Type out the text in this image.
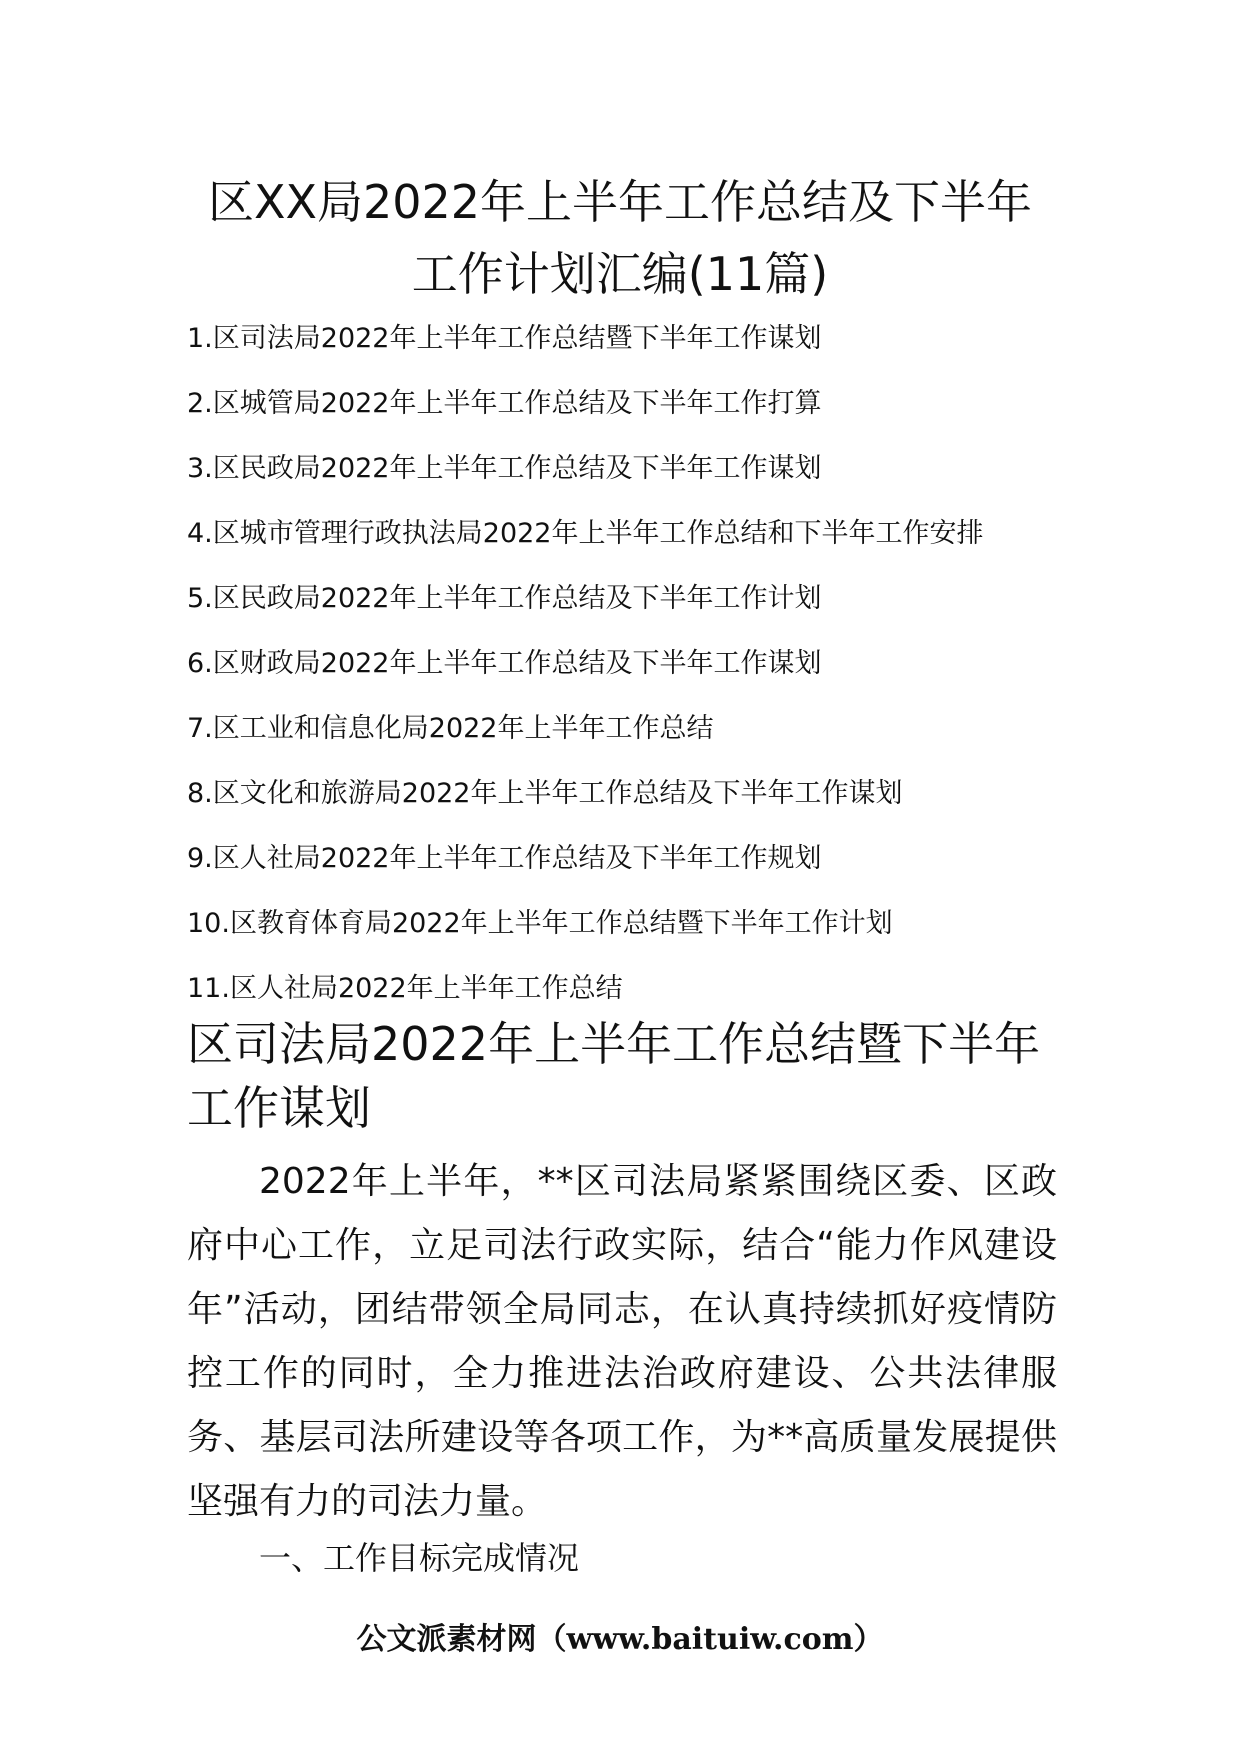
区XX局2022年上半年工作总结及下半年
工作计划汇编(11篇)
1.区司法局2022年上半年工作总结暨下半年工作谋划
2.区城管局2022年上半年工作总结及下半年工作打算
3.区民政局2022年上半年工作总结及下半年工作谋划
4.区城市管理行政执法局2022年上半年工作总结和下半年工作安排
5.区民政局2022年上半年工作总结及下半年工作计划
6.区财政局2022年上半年工作总结及下半年工作谋划
7.区工业和信息化局2022年上半年工作总结
8.区文化和旅游局2022年上半年工作总结及下半年工作谋划
9.区人社局2022年上半年工作总结及下半年工作规划
10.区教育体育局2022年上半年工作总结暨下半年工作计划
11.区人社局2022年上半年工作总结
区司法局2022年上半年工作总结暨下半年
工作谋划

2022年上半年，**区司法局紧紧围绕区委、区政府中心工作，立足司法行政实际，结合“能力作风建设年”活动，团结带领全局同志，在认真持续抓好疫情防控工作的同时，全力推进法治政府建设、公共法律服务、基层司法所建设等各项工作，为**高质量发展提供坚强有力的司法力量。

一、工作目标完成情况
公文派素材网（www.baituiw.com）
